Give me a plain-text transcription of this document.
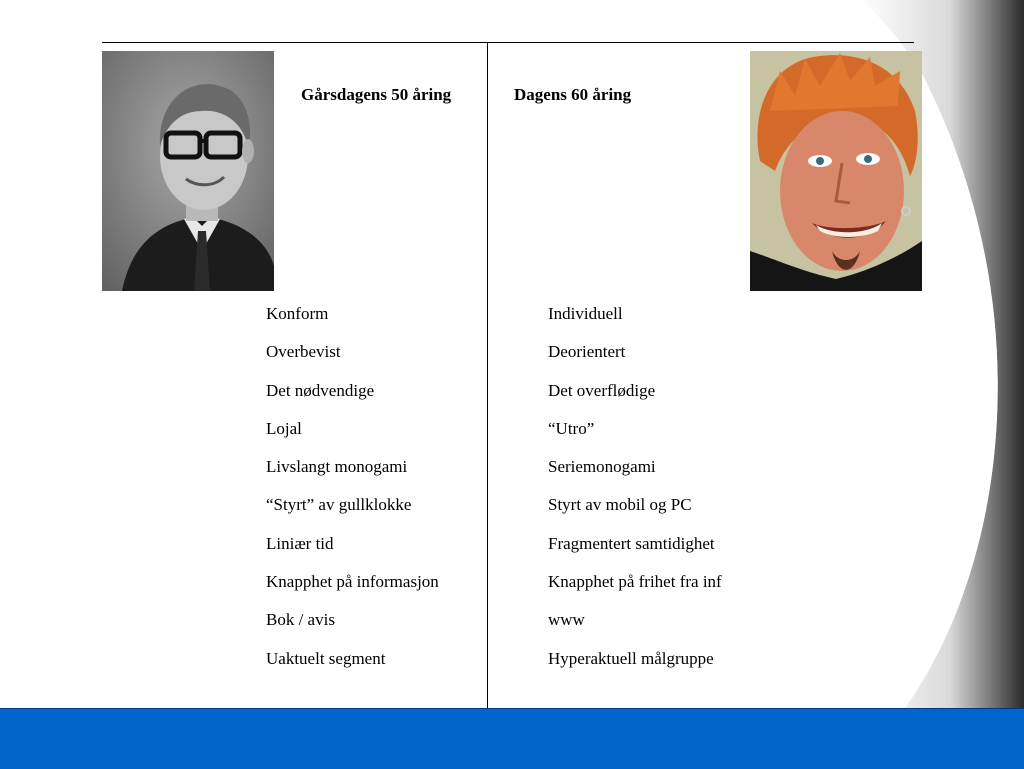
Gårsdagens 50 åring	Dagens 60 åring
Konform
Overbevist
Det nødvendige
Lojal
Livslangt monogami
“Styrt” av gullklokke
Liniær tid
Knapphet på informasjon
Bok / avis
Uaktuelt segment
Individuell
Deorientert
Det overflødige
“Utro”
Seriemonogami
Styrt av mobil og PC
Fragmentert samtidighet
Knapphet på frihet fra inf
www
Hyperaktuell målgruppe
